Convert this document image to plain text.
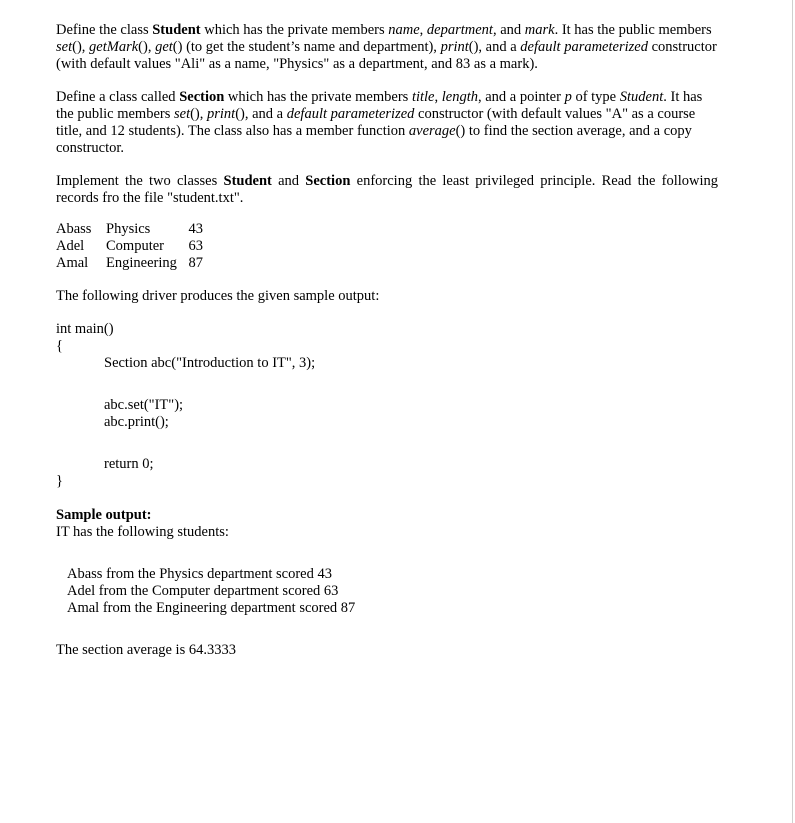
Define the class Student which has the private members name, department, and mark. It has the public members set(), getMark(), get() (to get the student’s name and department), print(), and a default parameterized constructor (with default values "Ali" as a name, "Physics" as a department, and 83 as a mark).

Define a class called Section which has the private members title, length, and a pointer p of type Student. It has the public members set(), print(), and a default parameterized constructor (with default values "A" as a course title, and 12 students). The class also has a member function average() to find the section average, and a copy constructor.

Implement the two classes Student and Section enforcing the least privileged principle. Read the following records fro the file "student.txt".

Abass	Physics	43
Adel	Computer	63
Amal	Engineering	87

The following driver produces the given sample output:

int main()

{

Section abc("Introduction to IT", 3);

abc.set("IT");

abc.print();

return 0;

}

Sample output:

IT has the following students:

Abass from the Physics department scored 43

Adel from the Computer department scored 63

Amal from the Engineering department scored 87

The section average is 64.3333
